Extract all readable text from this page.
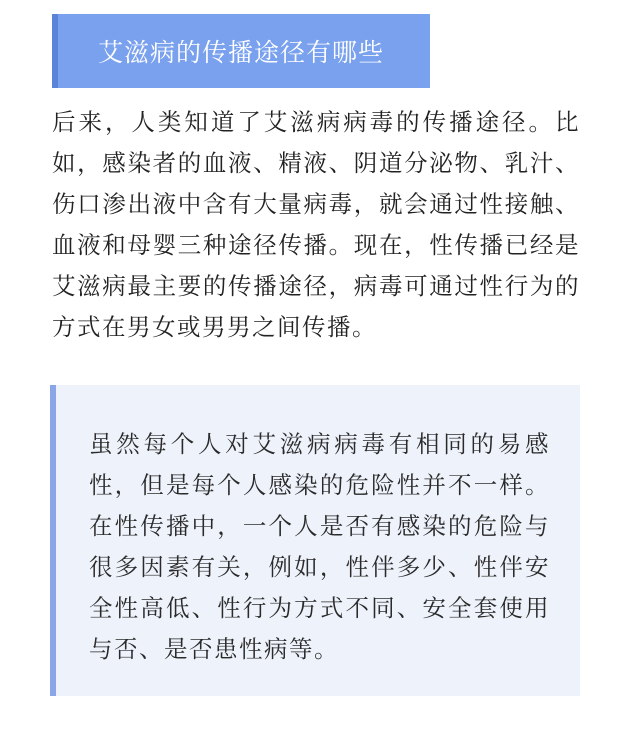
艾滋病的传播途径有哪些

后来，人类知道了艾滋病病毒的传播途径。比如，感染者的血液、精液、阴道分泌物、乳汁、伤口渗出液中含有大量病毒，就会通过性接触、血液和母婴三种途径传播。现在，性传播已经是艾滋病最主要的传播途径，病毒可通过性行为的方式在男女或男男之间传播。

虽然每个人对艾滋病病毒有相同的易感性，但是每个人感染的危险性并不一样。在性传播中，一个人是否有感染的危险与很多因素有关，例如，性伴多少、性伴安全性高低、性行为方式不同、安全套使用与否、是否患性病等。
